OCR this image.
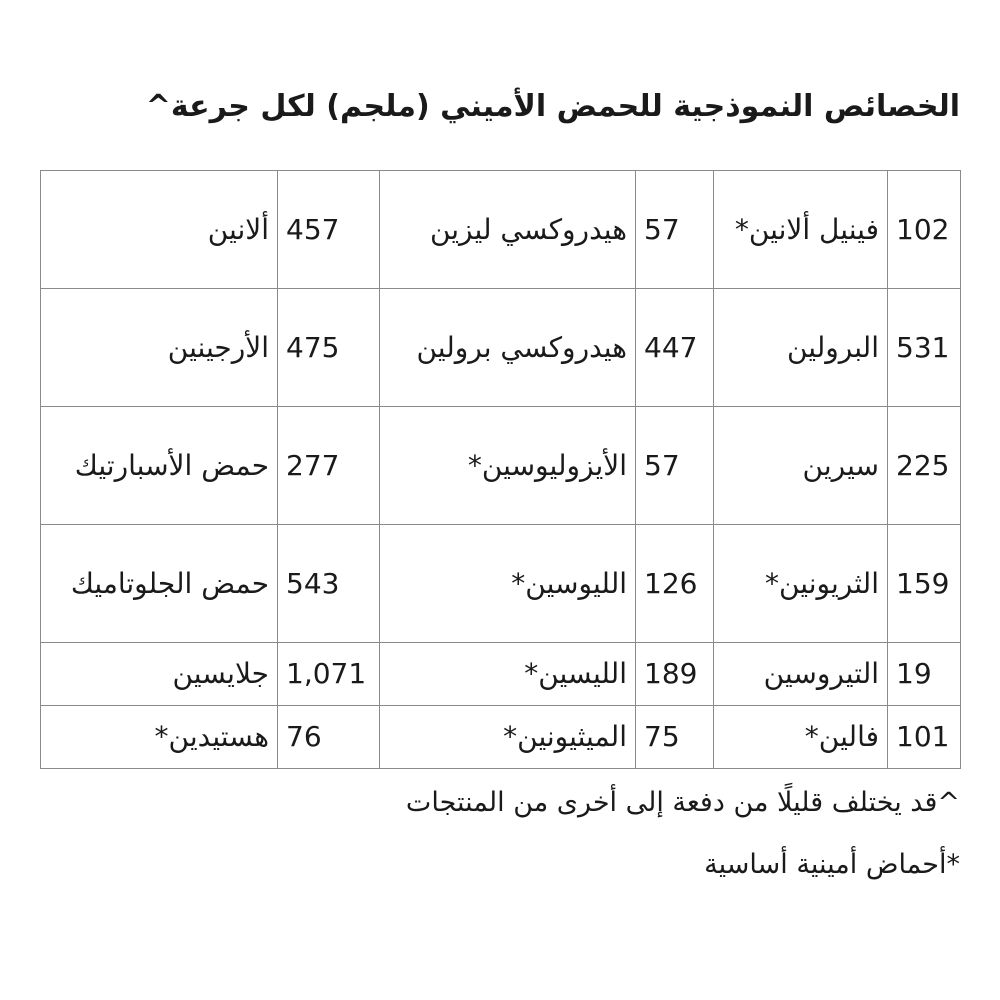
الخصائص النموذجية للحمض الأميني (ملجم) لكل جرعة^
102	فينيل ألانين*	57	هيدروكسي ليزين	457	ألانين
531	البرولين	447	هيدروكسي برولين	475	الأرجينين
225	سيرين	57	الأيزوليوسين*	277	حمض الأسبارتيك
159	الثريونين*	126	الليوسين*	543	حمض الجلوتاميك
19	التيروسين	189	الليسين*	1,071	جلايسين
101	فالين*	75	الميثيونين*	76	هستيدين*

^قد يختلف قليلًا من دفعة إلى أخرى من المنتجات

*أحماض أمينية أساسية
